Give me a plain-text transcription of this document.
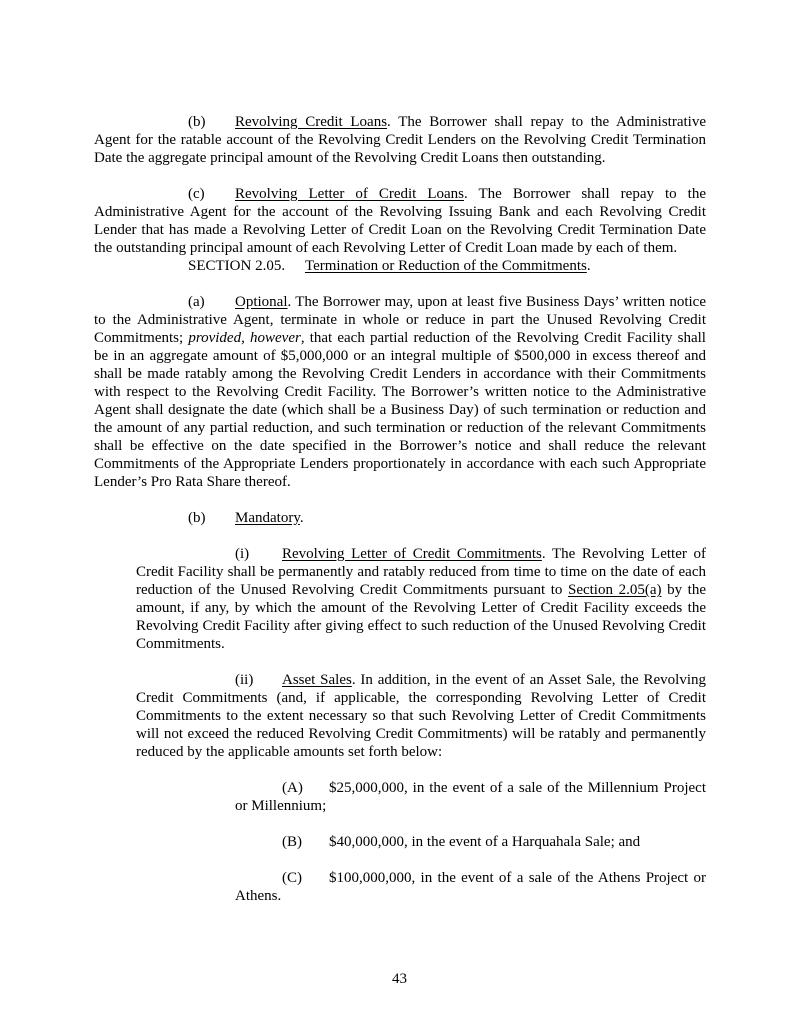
(b) Revolving Credit Loans. The Borrower shall repay to the Administrative Agent for the ratable account of the Revolving Credit Lenders on the Revolving Credit Termination Date the aggregate principal amount of the Revolving Credit Loans then outstanding.

(c) Revolving Letter of Credit Loans. The Borrower shall repay to the Administrative Agent for the account of the Revolving Issuing Bank and each Revolving Credit Lender that has made a Revolving Letter of Credit Loan on the Revolving Credit Termination Date the outstanding principal amount of each Revolving Letter of Credit Loan made by each of them.

SECTION 2.05. Termination or Reduction of the Commitments.

(a) Optional. The Borrower may, upon at least five Business Days’ written notice to the Administrative Agent, terminate in whole or reduce in part the Unused Revolving Credit Commitments; provided, however, that each partial reduction of the Revolving Credit Facility shall be in an aggregate amount of $5,000,000 or an integral multiple of $500,000 in excess thereof and shall be made ratably among the Revolving Credit Lenders in accordance with their Commitments with respect to the Revolving Credit Facility. The Borrower’s written notice to the Administrative Agent shall designate the date (which shall be a Business Day) of such termination or reduction and the amount of any partial reduction, and such termination or reduction of the relevant Commitments shall be effective on the date specified in the Borrower’s notice and shall reduce the relevant Commitments of the Appropriate Lenders proportionately in accordance with each such Appropriate Lender’s Pro Rata Share thereof.

(b) Mandatory.

(i) Revolving Letter of Credit Commitments. The Revolving Letter of Credit Facility shall be permanently and ratably reduced from time to time on the date of each reduction of the Unused Revolving Credit Commitments pursuant to Section 2.05(a) by the amount, if any, by which the amount of the Revolving Letter of Credit Facility exceeds the Revolving Credit Facility after giving effect to such reduction of the Unused Revolving Credit Commitments.

(ii) Asset Sales. In addition, in the event of an Asset Sale, the Revolving Credit Commitments (and, if applicable, the corresponding Revolving Letter of Credit Commitments to the extent necessary so that such Revolving Letter of Credit Commitments will not exceed the reduced Revolving Credit Commitments) will be ratably and permanently reduced by the applicable amounts set forth below:

(A) $25,000,000, in the event of a sale of the Millennium Project or Millennium;

(B) $40,000,000, in the event of a Harquahala Sale; and

(C) $100,000,000, in the event of a sale of the Athens Project or Athens.

43
